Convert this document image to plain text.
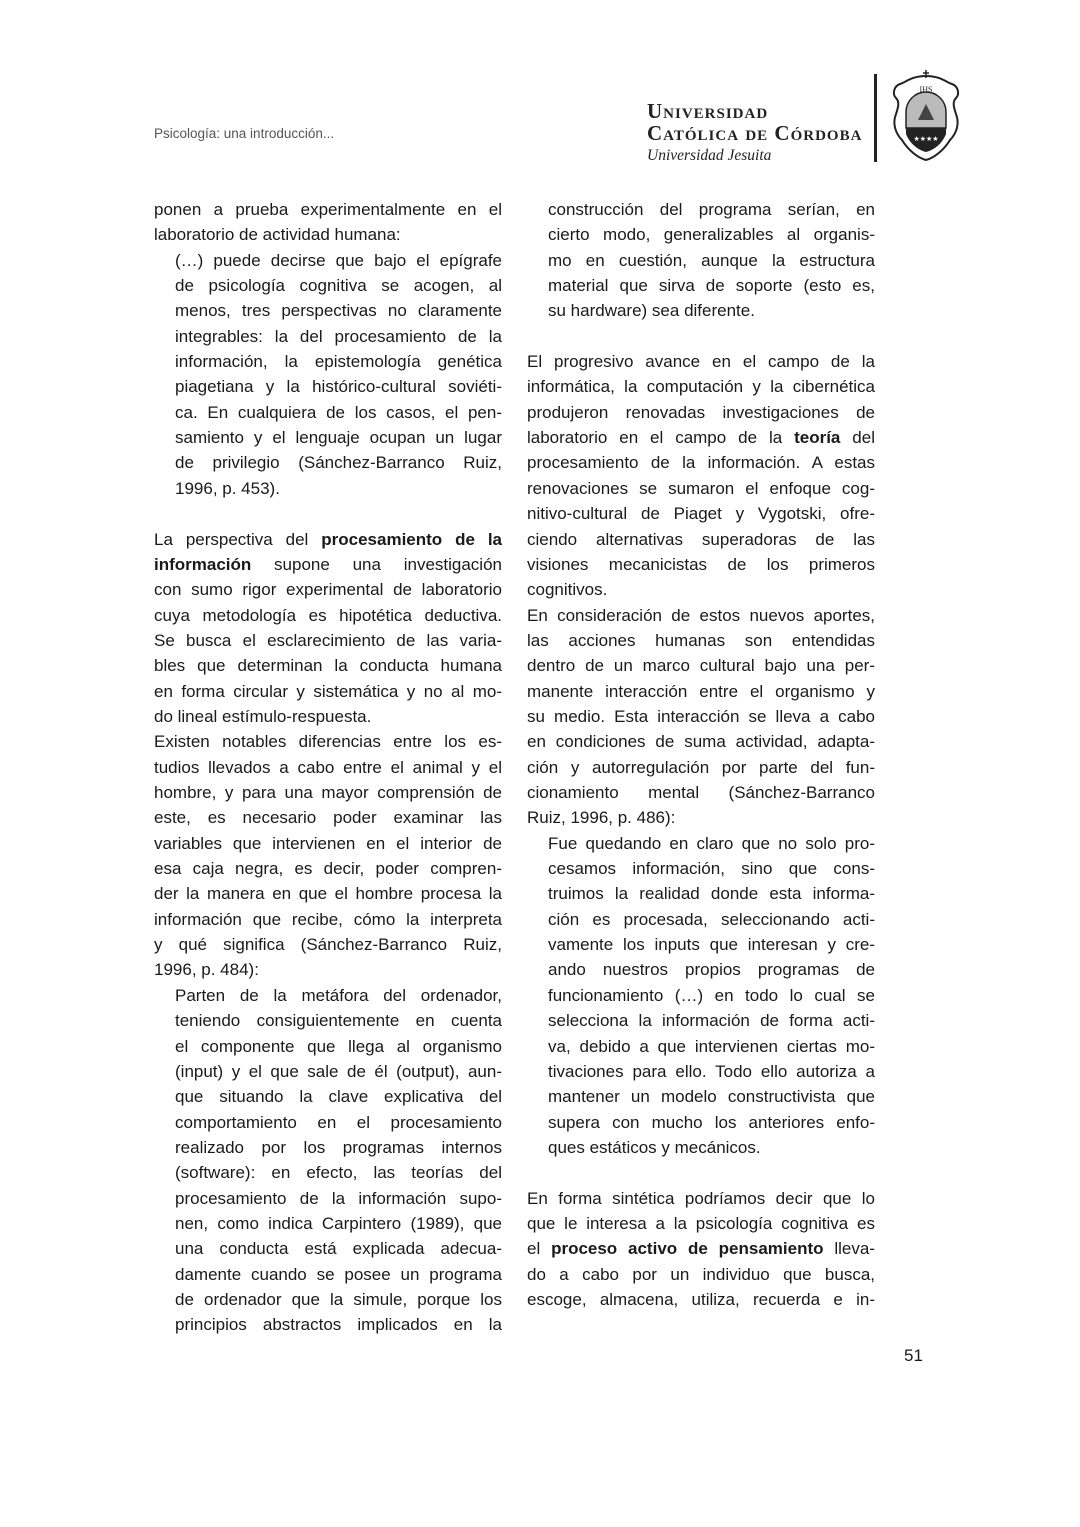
Psicología: una introducción...
Universidad
Católica de Córdoba
Universidad Jesuita
IHS
★★★★
ponen a prueba experimentalmente en el
laboratorio de actividad humana:
(…) puede decirse que bajo el epígrafe
de psicología cognitiva se acogen, al
menos, tres perspectivas no claramente
integrables: la del procesamiento de la
información, la epistemología genética
piagetiana y la histórico-cultural soviéti-
ca. En cualquiera de los casos, el pen-
samiento y el lenguaje ocupan un lugar
de privilegio (Sánchez-Barranco Ruiz,
1996, p. 453).
La perspectiva del procesamiento de la
información supone una investigación
con sumo rigor experimental de laboratorio
cuya metodología es hipotética deductiva.
Se busca el esclarecimiento de las varia-
bles que determinan la conducta humana
en forma circular y sistemática y no al mo-
do lineal estímulo-respuesta.
Existen notables diferencias entre los es-
tudios llevados a cabo entre el animal y el
hombre, y para una mayor comprensión de
este, es necesario poder examinar las
variables que intervienen en el interior de
esa caja negra, es decir, poder compren-
der la manera en que el hombre procesa la
información que recibe, cómo la interpreta
y qué significa (Sánchez-Barranco Ruiz,
1996, p. 484):
Parten de la metáfora del ordenador,
teniendo consiguientemente en cuenta
el componente que llega al organismo
(input) y el que sale de él (output), aun-
que situando la clave explicativa del
comportamiento en el procesamiento
realizado por los programas internos
(software): en efecto, las teorías del
procesamiento de la información supo-
nen, como indica Carpintero (1989), que
una conducta está explicada adecua-
damente cuando se posee un programa
de ordenador que la simule, porque los
principios abstractos implicados en la
construcción del programa serían, en
cierto modo, generalizables al organis-
mo en cuestión, aunque la estructura
material que sirva de soporte (esto es,
su hardware) sea diferente.
El progresivo avance en el campo de la
informática, la computación y la cibernética
produjeron renovadas investigaciones de
laboratorio en el campo de la teoría del
procesamiento de la información. A estas
renovaciones se sumaron el enfoque cog-
nitivo-cultural de Piaget y Vygotski, ofre-
ciendo alternativas superadoras de las
visiones mecanicistas de los primeros
cognitivos.
En consideración de estos nuevos aportes,
las acciones humanas son entendidas
dentro de un marco cultural bajo una per-
manente interacción entre el organismo y
su medio. Esta interacción se lleva a cabo
en condiciones de suma actividad, adapta-
ción y autorregulación por parte del fun-
cionamiento mental (Sánchez-Barranco
Ruiz, 1996, p. 486):
Fue quedando en claro que no solo pro-
cesamos información, sino que cons-
truimos la realidad donde esta informa-
ción es procesada, seleccionando acti-
vamente los inputs que interesan y cre-
ando nuestros propios programas de
funcionamiento (…) en todo lo cual se
selecciona la información de forma acti-
va, debido a que intervienen ciertas mo-
tivaciones para ello. Todo ello autoriza a
mantener un modelo constructivista que
supera con mucho los anteriores enfo-
ques estáticos y mecánicos.
En forma sintética podríamos decir que lo
que le interesa a la psicología cognitiva es
el proceso activo de pensamiento lleva-
do a cabo por un individuo que busca,
escoge, almacena, utiliza, recuerda e in-
51
